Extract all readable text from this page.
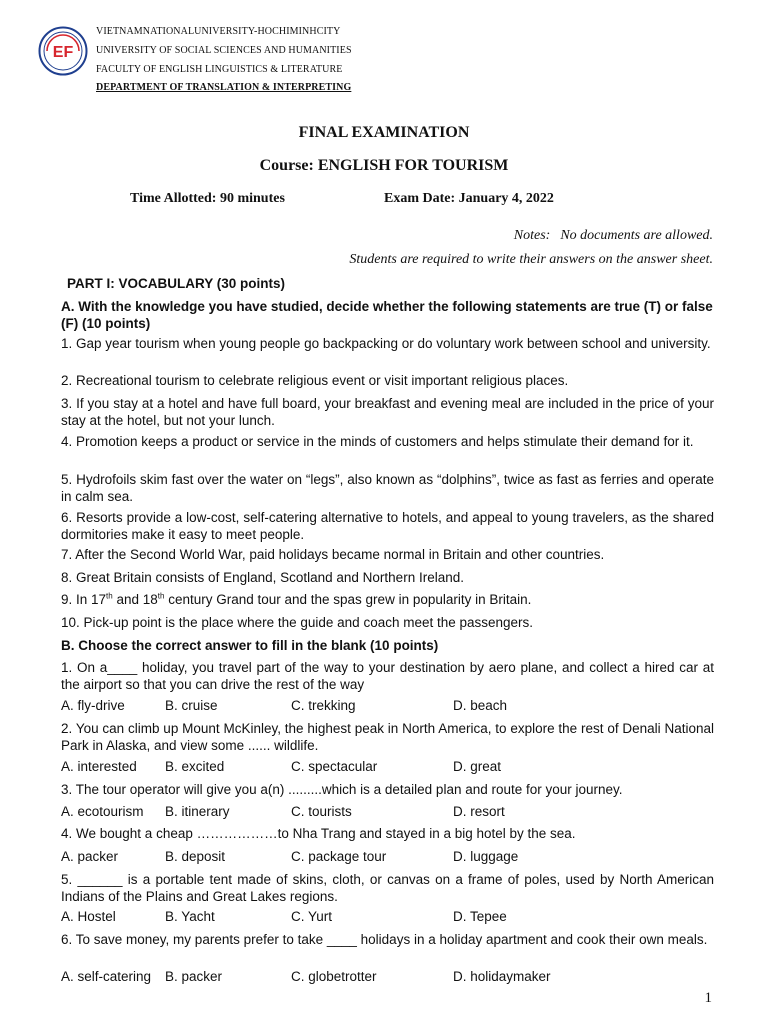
EF
VIETNAMNATIONALUNIVERSITY-HOCHIMINHCITY
UNIVERSITY OF SOCIAL SCIENCES AND HUMANITIES
FACULTY OF ENGLISH LINGUISTICS & LITERATURE
DEPARTMENT OF TRANSLATION & INTERPRETING
FINAL EXAMINATION
Course: ENGLISH FOR TOURISM
Time Allotted: 90 minutes	Exam Date: January 4, 2022
Notes: No documents are allowed.
Students are required to write their answers on the answer sheet.
PART I: VOCABULARY (30 points)
A. With the knowledge you have studied, decide whether the following statements are true (T) or false (F) (10 points)
1. Gap year tourism when young people go backpacking or do voluntary work between school and university.
2. Recreational tourism to celebrate religious event or visit important religious places.
3. If you stay at a hotel and have full board, your breakfast and evening meal are included in the price of your stay at the hotel, but not your lunch.
4. Promotion keeps a product or service in the minds of customers and helps stimulate their demand for it.
5. Hydrofoils skim fast over the water on “legs”, also known as “dolphins”, twice as fast as ferries and operate in calm sea.
6. Resorts provide a low-cost, self-catering alternative to hotels, and appeal to young travelers, as the shared dormitories make it easy to meet people.
7. After the Second World War, paid holidays became normal in Britain and other countries.
8. Great Britain consists of England, Scotland and Northern Ireland.
9. In 17th and 18th century Grand tour and the spas grew in popularity in Britain.
10. Pick-up point is the place where the guide and coach meet the passengers.
B. Choose the correct answer to fill in the blank (10 points)
1. On a____ holiday, you travel part of the way to your destination by aero plane, and collect a hired car at the airport so that you can drive the rest of the way
A. fly-drive	B. cruise	C. trekking	D. beach
2. You can climb up Mount McKinley, the highest peak in North America, to explore the rest of Denali National Park in Alaska, and view some ...... wildlife.
A. interested B. excited	C. spectacular	D. great
3. The tour operator will give you a(n) .........which is a detailed plan and route for your journey.
A. ecotourism B. itinerary	C. tourists	D. resort
4. We bought a cheap ………………to Nha Trang and stayed in a big hotel by the sea.
A. packer	B. deposit	C. package tour	D. luggage
5. ______ is a portable tent made of skins, cloth, or canvas on a frame of poles, used by North American Indians of the Plains and Great Lakes regions.
A. Hostel	B. Yacht	C. Yurt	D. Tepee
6. To save money, my parents prefer to take ____ holidays in a holiday apartment and cook their own meals.
A. self-catering B. packer	C. globetrotter	D. holidaymaker
1
